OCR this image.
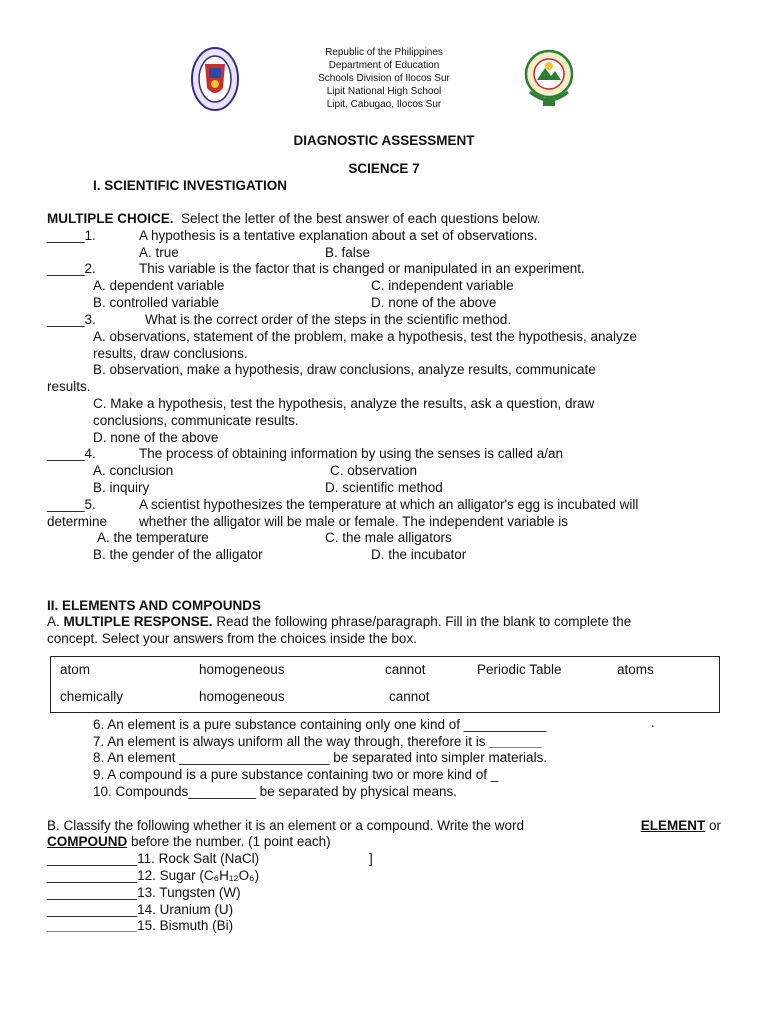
Republic of the Philippines
Department of Education
Schools Division of Ilocos Sur
Lipit National High School
Lipit, Cabugao, Ilocos Sur
DIAGNOSTIC ASSESSMENT
SCIENCE 7
I. SCIENTIFIC INVESTIGATION
MULTIPLE CHOICE. Select the letter of the best answer of each questions below.
_____1.	A hypothesis is a tentative explanation about a set of observations.
A. true	B. false
_____2.	This variable is the factor that is changed or manipulated in an experiment.
A. dependent variable	C. independent variable
B. controlled variable	D. none of the above
_____3.	What is the correct order of the steps in the scientific method.
A. observations, statement of the problem, make a hypothesis, test the hypothesis, analyze
results, draw conclusions.
B. observation, make a hypothesis, draw conclusions, analyze results, communicate
results.
C. Make a hypothesis, test the hypothesis, analyze the results, ask a question, draw
conclusions, communicate results.
D. none of the above
_____4.	The process of obtaining information by using the senses is called a/an
A. conclusion	C. observation
B. inquiry	D. scientific method
_____5.	A scientist hypothesizes the temperature at which an alligator's egg is incubated will
determine whether the alligator will be male or female. The independent variable is
A. the temperature	C. the male alligators
B. the gender of the alligator	D. the incubator
II. ELEMENTS AND COMPOUNDS
A. MULTIPLE RESPONSE. Read the following phrase/paragraph. Fill in the blank to complete the
concept. Select your answers from the choices inside the box.
atom	homogeneous	cannot	Periodic Table	atoms
chemically	homogeneous	cannot
6. An element is a pure substance containing only one kind of ___________	.
7. An element is always uniform all the way through, therefore it is _______
8. An element ____________________ be separated into simpler materials.
9. A compound is a pure substance containing two or more kind of _
10. Compounds_________ be separated by physical means.
B. Classify the following whether it is an element or a compound. Write the word	ELEMENT or
COMPOUND before the number. (1 point each)
____________11. Rock Salt (NaCl)	]
____________12. Sugar (C₆H₁₂O₆)
____________13. Tungsten (W)
____________14. Uranium (U)
____________15. Bismuth (Bi)
